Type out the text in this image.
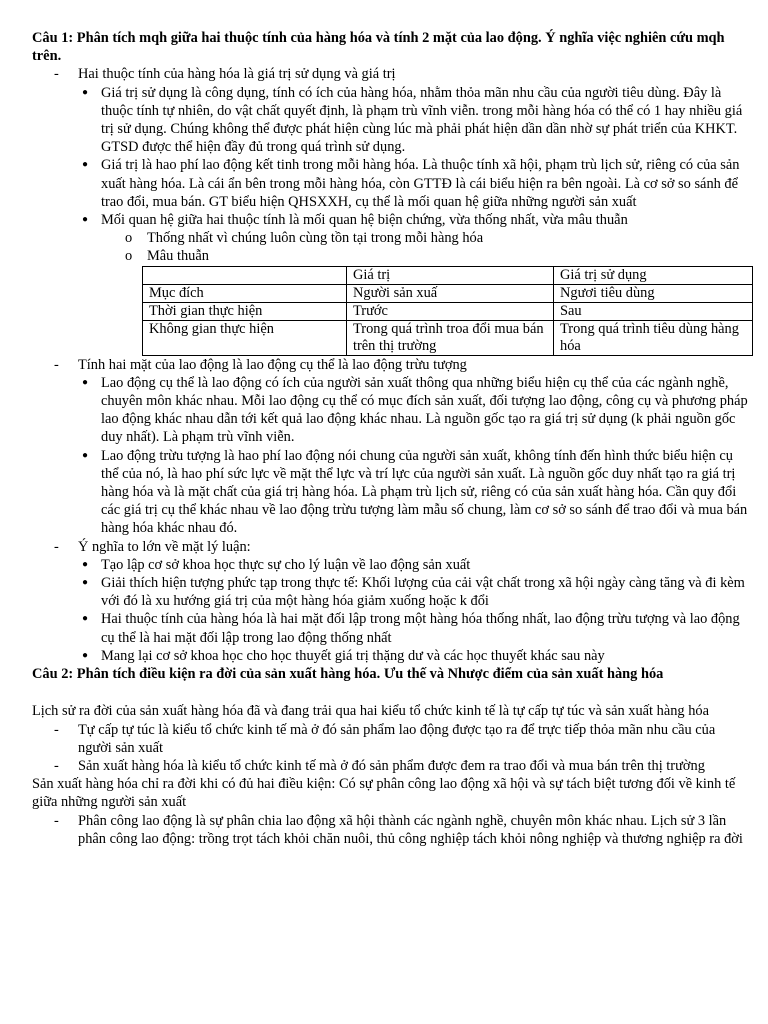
Câu 1: Phân tích mqh giữa hai thuộc tính của hàng hóa và tính 2 mặt của lao động. Ý nghĩa việc nghiên cứu mqh trên.

- Hai thuộc tính của hàng hóa là giá trị sử dụng và giá trị
● Giá trị sử dụng là công dụng, tính có ích của hàng hóa, nhằm thỏa mãn nhu cầu của người tiêu dùng. Đây là thuộc tính tự nhiên, do vật chất quyết định, là phạm trù vĩnh viễn. trong mỗi hàng hóa có thể có 1 hay nhiều giá trị sử dụng. Chúng không thể được phát hiện cùng lúc mà phải phát hiện dần dần nhờ sự phát triển của KHKT. GTSD được thể hiện đầy đủ trong quá trình sử dụng.
● Giá trị là hao phí lao động kết tinh trong mỗi hàng hóa. Là thuộc tính xã hội, phạm trù lịch sử, riêng có của sản xuất hàng hóa. Là cái ẩn bên trong mỗi hàng hóa, còn GTTĐ là cái biểu hiện ra bên ngoài. Là cơ sở so sánh để trao đổi, mua bán. GT biểu hiện QHSXXH, cụ thể là mối quan hệ giữa những người sản xuất
● Mối quan hệ giữa hai thuộc tính là mối quan hệ biện chứng, vừa thống nhất, vừa mâu thuẫn
o Thống nhất vì chúng luôn cùng tồn tại trong mỗi hàng hóa
o Mâu thuẫn
	Giá trị	Giá trị sử dụng
Mục đích	Người sản xuấ	Ngươi tiêu dùng
Thời gian thực hiện	Trước	Sau
Không gian thực hiện	Trong quá trình troa đổi mua bán trên thị trường	Trong quá trình tiêu dùng hàng hóa
- Tính hai mặt của lao động là lao động cụ thể là lao động trừu tượng
● Lao động cụ thể là lao động có ích của người sản xuất thông qua những biểu hiện cụ thể của các ngành nghề, chuyên môn khác nhau. Mỗi lao động cụ thể có mục đích sản xuất, đối tượng lao động, công cụ và phương pháp lao động khác nhau dẫn tới kết quả lao động khác nhau. Là nguồn gốc tạo ra giá trị sử dụng (k phải nguồn gốc duy nhất). Là phạm trù vĩnh viễn.
● Lao động trừu tượng là hao phí lao động nói chung của người sản xuất, không tính đến hình thức biểu hiện cụ thể của nó, là hao phí sức lực về mặt thể lực và trí lực của người sản xuất. Là nguồn gốc duy nhất tạo ra giá trị hàng hóa và là mặt chất của giá trị hàng hóa. Là phạm trù lịch sử, riêng có của sản xuất hàng hóa. Cần quy đổi các giá trị cụ thể khác nhau về lao động trừu tượng làm mẫu số chung, làm cơ sở so sánh để trao đổi và mua bán hàng hóa khác nhau đó.
- Ý nghĩa to lớn về mặt lý luận:
● Tạo lập cơ sở khoa học thực sự cho lý luận về lao động sản xuất
● Giải thích hiện tượng phức tạp trong thực tế: Khối lượng của cải vật chất trong xã hội ngày càng tăng và đi kèm với đó là xu hướng giá trị của một hàng hóa giảm xuống hoặc k đổi
● Hai thuộc tính của hàng hóa là hai mặt đối lập trong một hàng hóa thống nhất, lao động trừu tượng và lao động cụ thể là hai mặt đối lập trong lao động thống nhất
● Mang lại cơ sở khoa học cho học thuyết giá trị thặng dư và các học thuyết khác sau này

Câu 2: Phân tích điều kiện ra đời của sản xuất hàng hóa. Ưu thế và Nhược điểm của sản xuất hàng hóa

Lịch sử ra đời của sản xuất hàng hóa đã và đang trải qua hai kiểu tổ chức kinh tế là tự cấp tự túc và sản xuất hàng hóa

- Tự cấp tự túc là kiểu tổ chức kinh tế mà ở đó sản phẩm lao động được tạo ra để trực tiếp thỏa mãn nhu cầu của người sản xuất
- Sản xuất hàng hóa là kiểu tổ chức kinh tế mà ở đó sản phẩm được đem ra trao đổi và mua bán trên thị trường

Sản xuất hàng hóa chỉ ra đời khi có đủ hai điều kiện: Có sự phân công lao động xã hội và sự tách biệt tương đối về kinh tế giữa những người sản xuất

- Phân công lao động là sự phân chia lao động xã hội thành các ngành nghề, chuyên môn khác nhau. Lịch sử 3 lần phân công lao động: trồng trọt tách khỏi chăn nuôi, thủ công nghiệp tách khỏi nông nghiệp và thương nghiệp ra đời
